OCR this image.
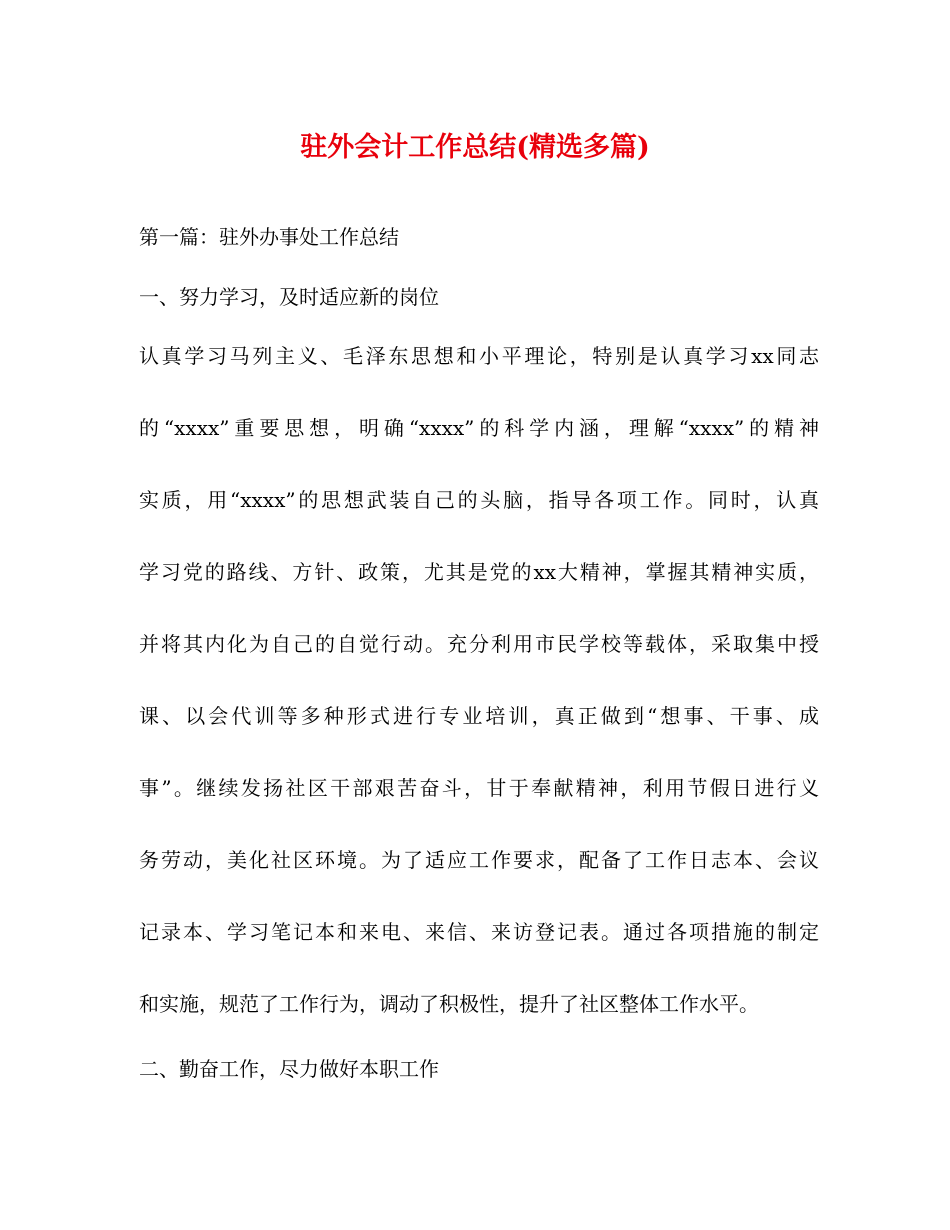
驻外会计工作总结(精选多篇)
第一篇：驻外办事处工作总结
一、努力学习，及时适应新的岗位
认真学习马列主义、毛泽东思想和小平理论，特别是认真学习xx同志
的“xxxx”重要思想，明确“xxxx”的科学内涵，理解“xxxx”的精神
实质，用“xxxx”的思想武装自己的头脑，指导各项工作。同时，认真
学习党的路线、方针、政策，尤其是党的xx大精神，掌握其精神实质，
并将其内化为自己的自觉行动。充分利用市民学校等载体，采取集中授
课、以会代训等多种形式进行专业培训，真正做到“想事、干事、成
事”。继续发扬社区干部艰苦奋斗，甘于奉献精神，利用节假日进行义
务劳动，美化社区环境。为了适应工作要求，配备了工作日志本、会议
记录本、学习笔记本和来电、来信、来访登记表。通过各项措施的制定
和实施，规范了工作行为，调动了积极性，提升了社区整体工作水平。
二、勤奋工作，尽力做好本职工作
